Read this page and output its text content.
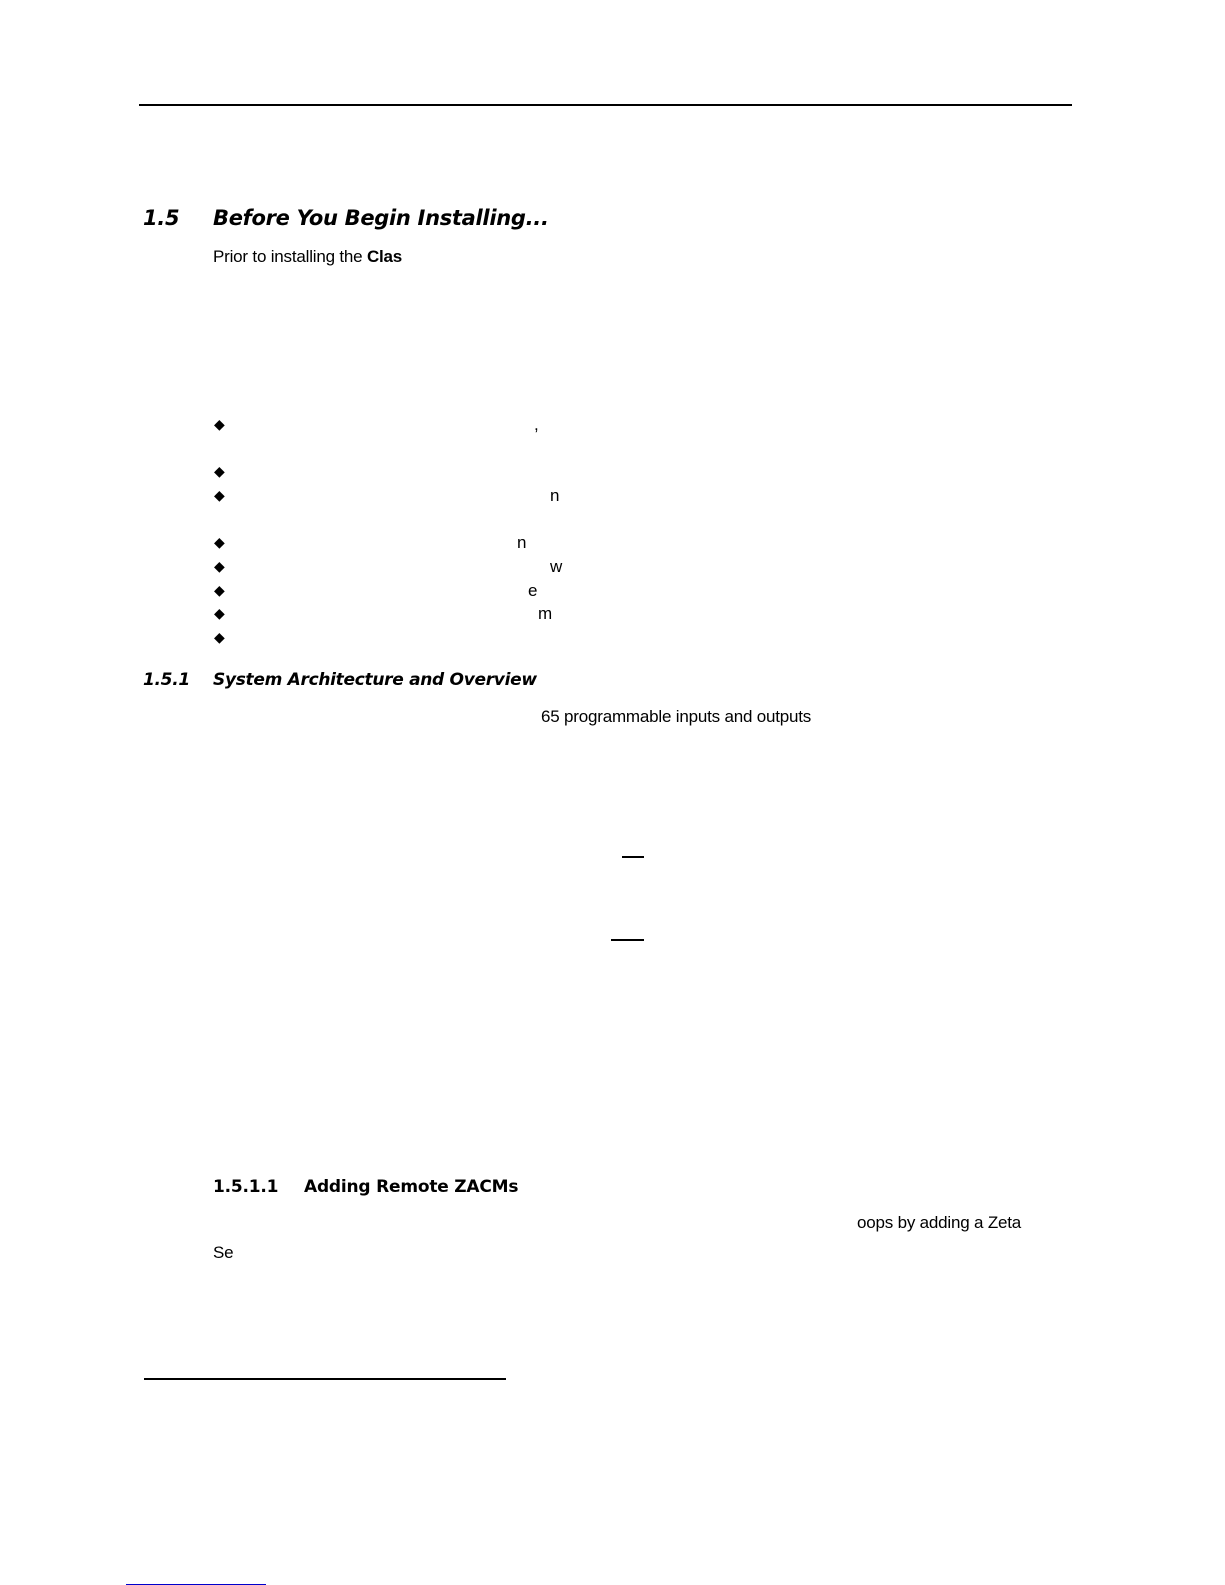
1.5 Before You Begin Installing...
Prior to installing the Clas
◆	,
◆
◆	n
◆	n
◆	w
◆	e
◆	m
◆
1.5.1 System Architecture and Overview
65 programmable inputs and outputs
1.5.1.1 Adding Remote ZACMs
oops by adding a Zeta
Se
